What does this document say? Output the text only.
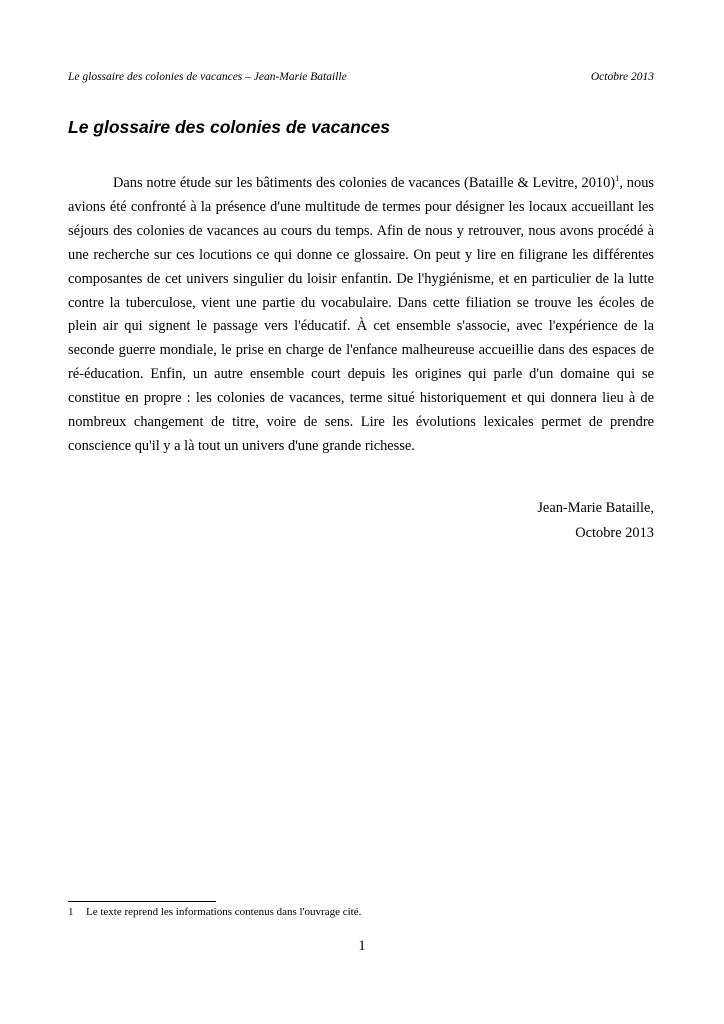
Le glossaire des colonies de vacances – Jean-Marie Bataille	Octobre 2013
Le glossaire des colonies de vacances

Dans notre étude sur les bâtiments des colonies de vacances (Bataille & Levitre, 2010)$^1$, nous avions été confronté à la présence d'une multitude de termes pour désigner les locaux accueillant les séjours des colonies de vacances au cours du temps. Afin de nous y retrouver, nous avons procédé à une recherche sur ces locutions ce qui donne ce glossaire. On peut y lire en filigrane les différentes composantes de cet univers singulier du loisir enfantin. De l'hygiénisme, et en particulier de la lutte contre la tuberculose, vient une partie du vocabulaire. Dans cette filiation se trouve les écoles de plein air qui signent le passage vers l'éducatif. À cet ensemble s'associe, avec l'expérience de la seconde guerre mondiale, le prise en charge de l'enfance malheureuse accueillie dans des espaces de ré-éducation. Enfin, un autre ensemble court depuis les origines qui parle d'un domaine qui se constitue en propre : les colonies de vacances, terme situé historiquement et qui donnera lieu à de nombreux changement de titre, voire de sens. Lire les évolutions lexicales permet de prendre conscience qu'il y a là tout un univers d'une grande richesse.

Jean-Marie Bataille,
Octobre 2013
1 Le texte reprend les informations contenus dans l'ouvrage cité.
1
